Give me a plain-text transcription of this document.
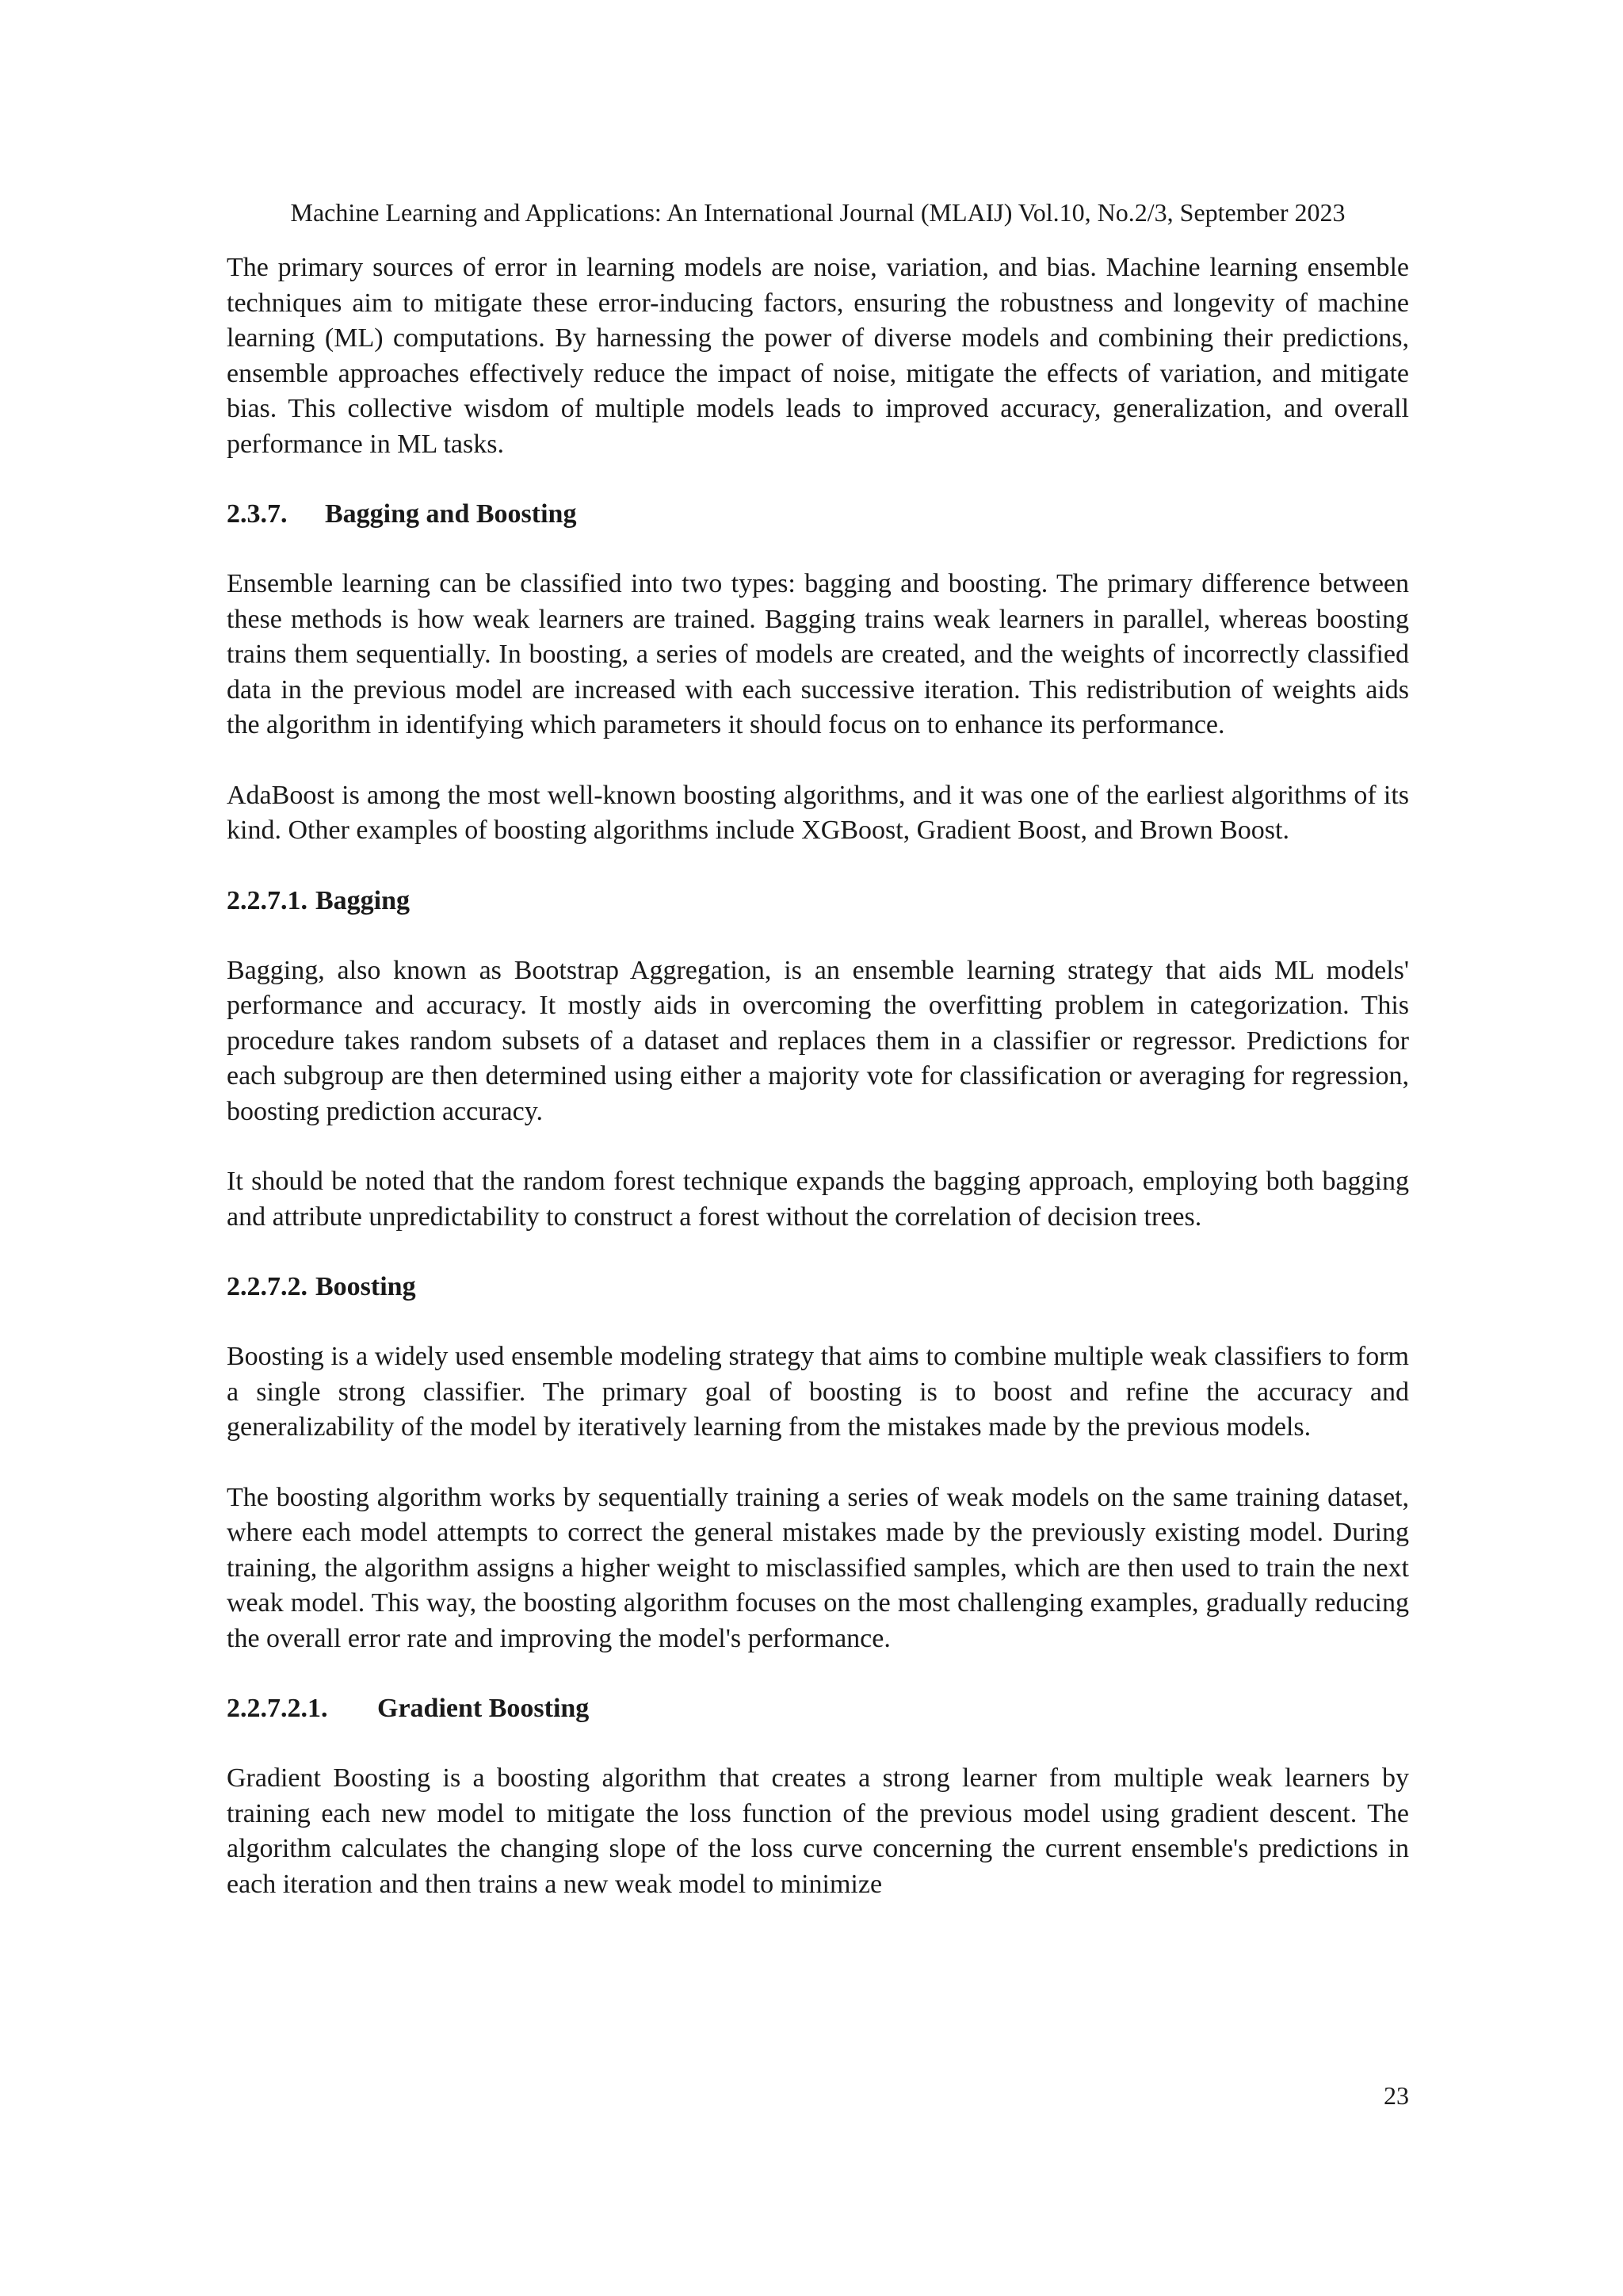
Machine Learning and Applications: An International Journal (MLAIJ) Vol.10, No.2/3, September 2023

The primary sources of error in learning models are noise, variation, and bias. Machine learning ensemble techniques aim to mitigate these error-inducing factors, ensuring the robustness and longevity of machine learning (ML) computations. By harnessing the power of diverse models and combining their predictions, ensemble approaches effectively reduce the impact of noise, mitigate the effects of variation, and mitigate bias. This collective wisdom of multiple models leads to improved accuracy, generalization, and overall performance in ML tasks.

2.3.7. Bagging and Boosting

Ensemble learning can be classified into two types: bagging and boosting. The primary difference between these methods is how weak learners are trained. Bagging trains weak learners in parallel, whereas boosting trains them sequentially. In boosting, a series of models are created, and the weights of incorrectly classified data in the previous model are increased with each successive iteration. This redistribution of weights aids the algorithm in identifying which parameters it should focus on to enhance its performance.

AdaBoost is among the most well-known boosting algorithms, and it was one of the earliest algorithms of its kind. Other examples of boosting algorithms include XGBoost, Gradient Boost, and Brown Boost.

2.2.7.1. Bagging

Bagging, also known as Bootstrap Aggregation, is an ensemble learning strategy that aids ML models' performance and accuracy. It mostly aids in overcoming the overfitting problem in categorization. This procedure takes random subsets of a dataset and replaces them in a classifier or regressor. Predictions for each subgroup are then determined using either a majority vote for classification or averaging for regression, boosting prediction accuracy.

It should be noted that the random forest technique expands the bagging approach, employing both bagging and attribute unpredictability to construct a forest without the correlation of decision trees.

2.2.7.2. Boosting

Boosting is a widely used ensemble modeling strategy that aims to combine multiple weak classifiers to form a single strong classifier. The primary goal of boosting is to boost and refine the accuracy and generalizability of the model by iteratively learning from the mistakes made by the previous models.

The boosting algorithm works by sequentially training a series of weak models on the same training dataset, where each model attempts to correct the general mistakes made by the previously existing model. During training, the algorithm assigns a higher weight to misclassified samples, which are then used to train the next weak model. This way, the boosting algorithm focuses on the most challenging examples, gradually reducing the overall error rate and improving the model's performance.

2.2.7.2.1. Gradient Boosting

Gradient Boosting is a boosting algorithm that creates a strong learner from multiple weak learners by training each new model to mitigate the loss function of the previous model using gradient descent. The algorithm calculates the changing slope of the loss curve concerning the current ensemble's predictions in each iteration and then trains a new weak model to minimize

23
